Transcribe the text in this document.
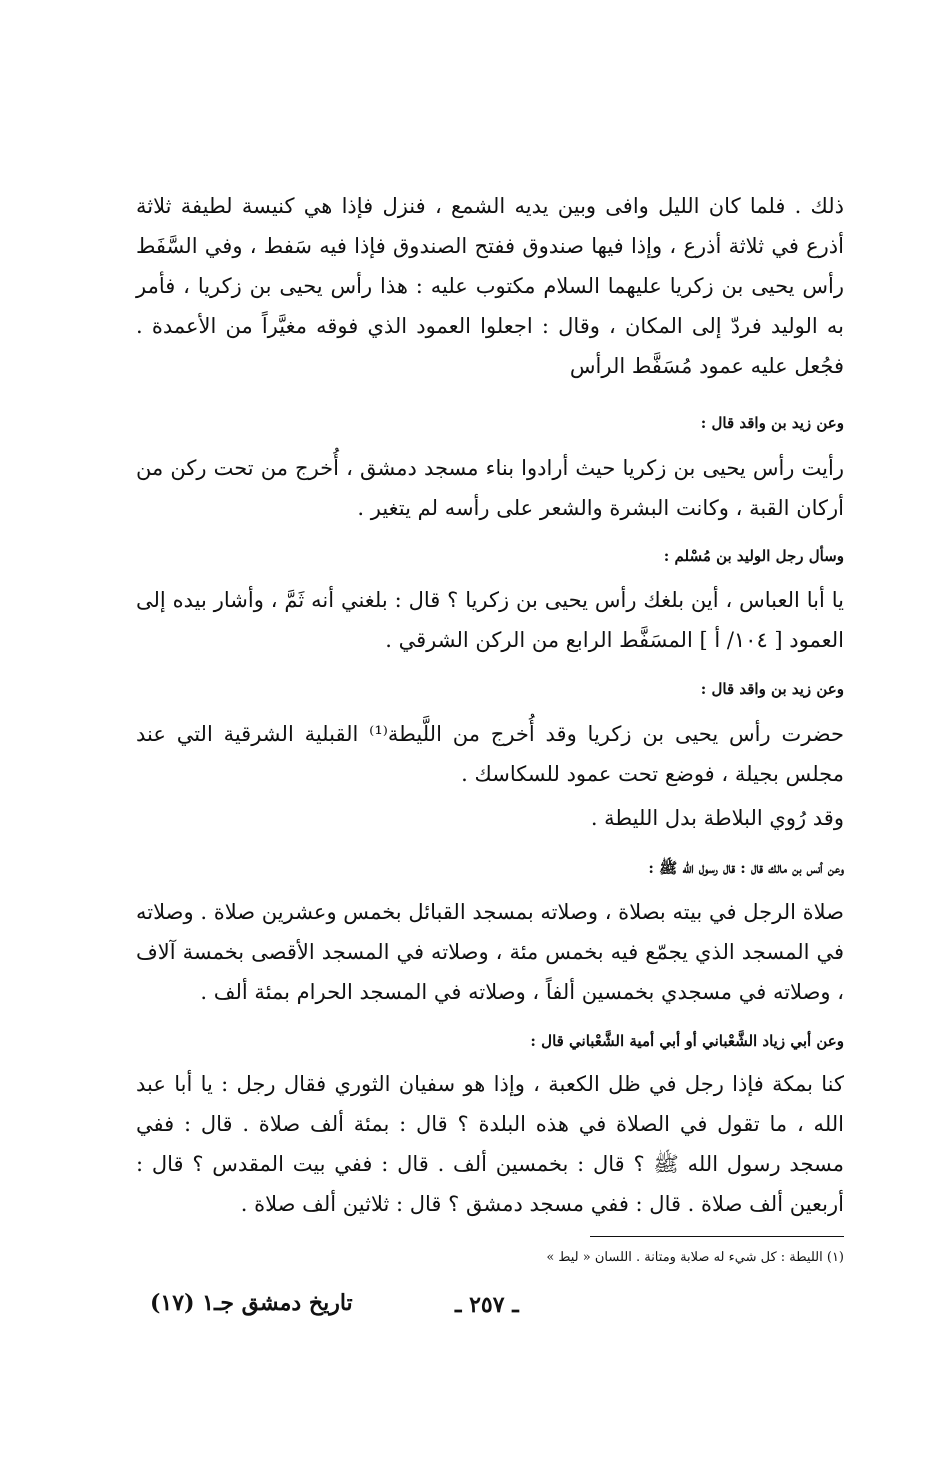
ذلك . فلما كان الليل وافى وبين يديه الشمع ، فنزل فإذا هي كنيسة لطيفة ثلاثة أذرع في ثلاثة أذرع ، وإذا فيها صندوق ففتح الصندوق فإذا فيه سَفط ، وفي السَّفَط رأس يحيى بن زكريا عليهما السلام مكتوب عليه : هذا رأس يحيى بن زكريا ، فأمر به الوليد فردّ إلى المكان ، وقال : اجعلوا العمود الذي فوقه مغيَّراً من الأعمدة . فجُعل عليه عمود مُسَفَّط الرأس
وعن زيد بن واقد قال :
رأيت رأس يحيى بن زكريا حيث أرادوا بناء مسجد دمشق ، أُخرج من تحت ركن من أركان القبة ، وكانت البشرة والشعر على رأسه لم يتغير .
وسأل رجل الوليد بن مُسْلم :
يا أبا العباس ، أين بلغك رأس يحيى بن زكريا ؟ قال : بلغني أنه ثَمَّ ، وأشار بيده إلى العمود [ ١٠٤/ أ ] المسَفَّط الرابع من الركن الشرقي .
وعن زيد بن واقد قال :
حضرت رأس يحيى بن زكريا وقد أُخرج من اللَّيطة⁽¹⁾ القبلية الشرقية التي عند مجلس بجيلة ، فوضع تحت عمود للسكاسك .
وقد رُوي البلاطة بدل الليطة .
وعن أنس بن مالك قال : قال رسول الله ﷺ :
صلاة الرجل في بيته بصلاة ، وصلاته بمسجد القبائل بخمس وعشرين صلاة . وصلاته في المسجد الذي يجمّع فيه بخمس مئة ، وصلاته في المسجد الأقصى بخمسة آلاف ، وصلاته في مسجدي بخمسين ألفاً ، وصلاته في المسجد الحرام بمئة ألف .
وعن أبي زياد الشَّعْباني أو أبي أمية الشَّعْباني قال :
كنا بمكة فإذا رجل في ظل الكعبة ، وإذا هو سفيان الثوري فقال رجل : يا أبا عبد الله ، ما تقول في الصلاة في هذه البلدة ؟ قال : بمئة ألف صلاة . قال : ففي مسجد رسول الله ﷺ ؟ قال : بخمسين ألف . قال : ففي بيت المقدس ؟ قال : أربعين ألف صلاة . قال : ففي مسجد دمشق ؟ قال : ثلاثين ألف صلاة .
(١) الليطة : كل شيء له صلابة ومتانة . اللسان « ليط »
تاريخ دمشق جـ١ (١٧)	ـ ٢٥٧ ـ
